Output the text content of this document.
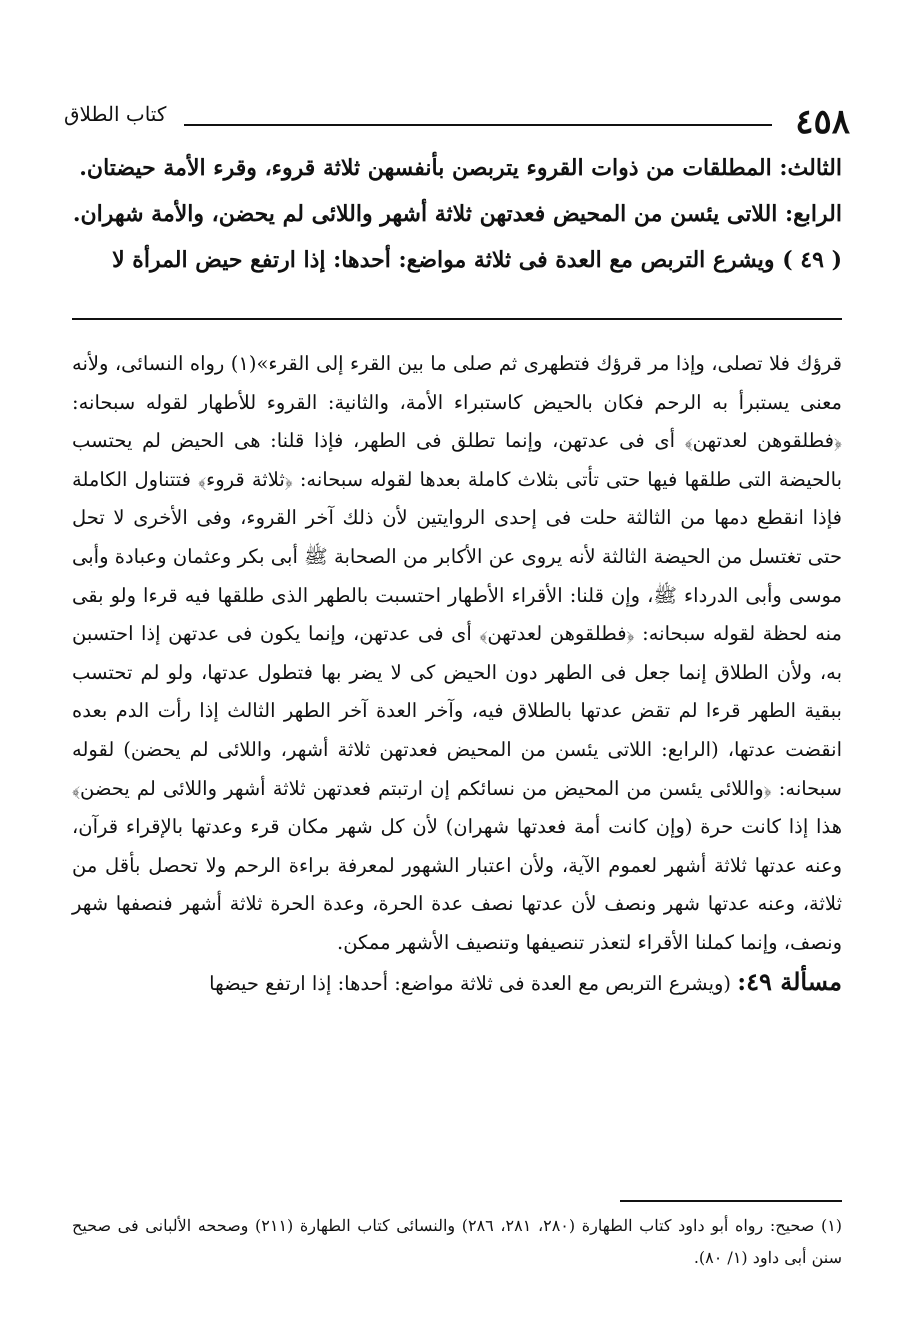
٤٥٨
كتاب الطلاق

الثالث: المطلقات من ذوات القروء يتربصن بأنفسهن ثلاثة قروء، وقرء الأمة حيضتان.

الرابع: اللاتى يئسن من المحيض فعدتهن ثلاثة أشهر واللائى لم يحضن، والأمة شهران.

( ٤٩ ) ويشرع التربص مع العدة فى ثلاثة مواضع: أحدها: إذا ارتفع حيض المرأة لا

قرؤك فلا تصلى، وإذا مر قرؤك فتطهرى ثم صلى ما بين القرء إلى القرء»(١) رواه النسائى، ولأنه معنى يستبرأ به الرحم فكان بالحيض كاستبراء الأمة، والثانية: القروء للأطهار لقوله سبحانه: ﴿فطلقوهن لعدتهن﴾ أى فى عدتهن، وإنما تطلق فى الطهر، فإذا قلنا: هى الحيض لم يحتسب بالحيضة التى طلقها فيها حتى تأتى بثلاث كاملة بعدها لقوله سبحانه: ﴿ثلاثة قروء﴾ فتتناول الكاملة فإذا انقطع دمها من الثالثة حلت فى إحدى الروايتين لأن ذلك آخر القروء، وفى الأخرى لا تحل حتى تغتسل من الحيضة الثالثة لأنه يروى عن الأكابر من الصحابة ﷺ أبى بكر وعثمان وعبادة وأبى موسى وأبى الدرداء ﷺ، وإن قلنا: الأقراء الأطهار احتسبت بالطهر الذى طلقها فيه قرءا ولو بقى منه لحظة لقوله سبحانه: ﴿فطلقوهن لعدتهن﴾ أى فى عدتهن، وإنما يكون فى عدتهن إذا احتسبن به، ولأن الطلاق إنما جعل فى الطهر دون الحيض كى لا يضر بها فتطول عدتها، ولو لم تحتسب ببقية الطهر قرءا لم تقض عدتها بالطلاق فيه، وآخر العدة آخر الطهر الثالث إذا رأت الدم بعده انقضت عدتها، (الرابع: اللاتى يئسن من المحيض فعدتهن ثلاثة أشهر، واللائى لم يحضن) لقوله سبحانه: ﴿واللائى يئسن من المحيض من نسائكم إن ارتبتم فعدتهن ثلاثة أشهر واللائى لم يحضن﴾ هذا إذا كانت حرة (وإن كانت أمة فعدتها شهران) لأن كل شهر مكان قرء وعدتها بالإقراء قرآن، وعنه عدتها ثلاثة أشهر لعموم الآية، ولأن اعتبار الشهور لمعرفة براءة الرحم ولا تحصل بأقل من ثلاثة، وعنه عدتها شهر ونصف لأن عدتها نصف عدة الحرة، وعدة الحرة ثلاثة أشهر فنصفها شهر ونصف، وإنما كملنا الأقراء لتعذر تنصيفها وتنصيف الأشهر ممكن.

مسألة ٤٩: (ويشرع التربص مع العدة فى ثلاثة مواضع: أحدها: إذا ارتفع حيضها

(١) صحيح: رواه أبو داود كتاب الطهارة (٢٨٠، ٢٨١، ٢٨٦) والنسائى كتاب الطهارة (٢١١) وصححه الألبانى فى صحيح سنن أبى داود (١/ ٨٠).
